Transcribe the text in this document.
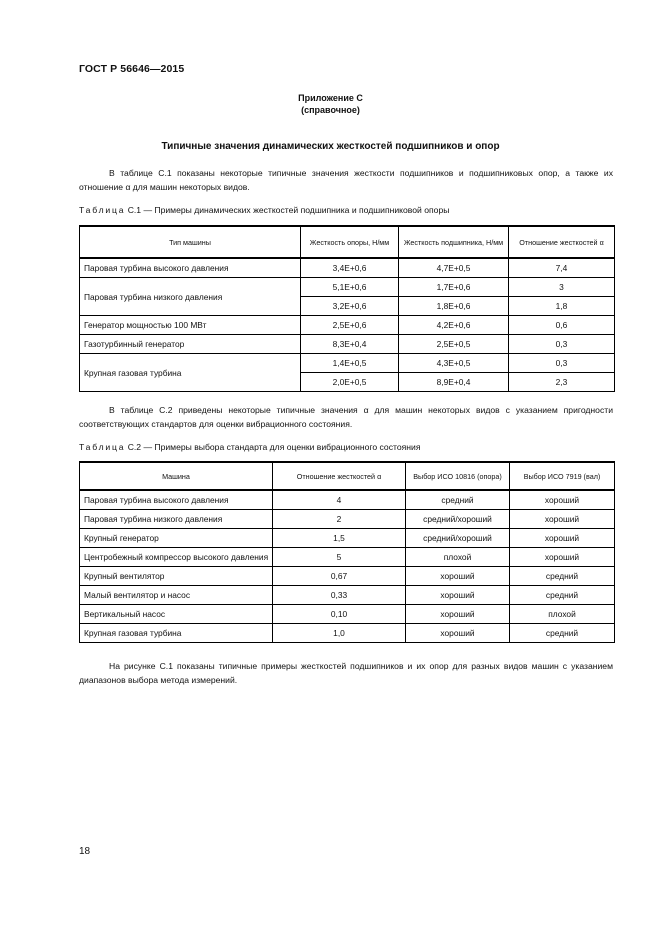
ГОСТ Р 56646—2015
Приложение С
(справочное)
Типичные значения динамических жесткостей подшипников и опор
В таблице С.1 показаны некоторые типичные значения жесткости подшипников и подшипниковых опор, а также их отношение α для машин некоторых видов.
Таблица С.1 — Примеры динамических жесткостей подшипника и подшипниковой опоры
Тип машины	Жесткость опоры, Н/мм	Жесткость подшипника, Н/мм	Отношение жесткостей α
Паровая турбина высокого давления	3,4E+0,6	4,7E+0,5	7,4
Паровая турбина низкого давления	5,1E+0,6	1,7E+0,6	3
	3,2E+0,6	1,8E+0,6	1,8
Генератор мощностью 100 МВт	2,5E+0,6	4,2E+0,6	0,6
Газотурбинный генератор	8,3E+0,4	2,5E+0,5	0,3
Крупная газовая турбина	1,4E+0,5	4,3E+0,5	0,3
	2,0E+0,5	8,9E+0,4	2,3
В таблице С.2 приведены некоторые типичные значения α для машин некоторых видов с указанием пригодности соответствующих стандартов для оценки вибрационного состояния.
Таблица С.2 — Примеры выбора стандарта для оценки вибрационного состояния
Машина	Отношение жесткостей α	Выбор ИСО 10816 (опора)	Выбор ИСО 7919 (вал)
Паровая турбина высокого давления	4	средний	хороший
Паровая турбина низкого давления	2	средний/хороший	хороший
Крупный генератор	1,5	средний/хороший	хороший
Центробежный компрессор высокого давления	5	плохой	хороший
Крупный вентилятор	0,67	хороший	средний
Малый вентилятор и насос	0,33	хороший	средний
Вертикальный насос	0,10	хороший	плохой
Крупная газовая турбина	1,0	хороший	средний
На рисунке С.1 показаны типичные примеры жесткостей подшипников и их опор для разных видов машин с указанием диапазонов выбора метода измерений.
18
